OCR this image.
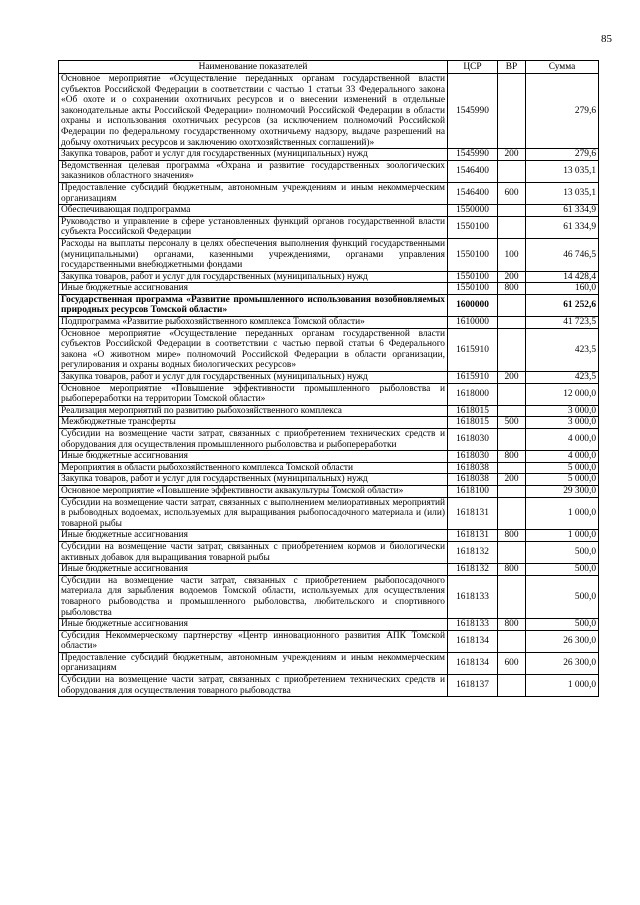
85
Наименование показателей	ЦСР	ВР	Сумма
Основное мероприятие «Осуществление переданных органам государственной власти субъектов Российской Федерации в соответствии с частью 1 статьи 33 Федерального закона «Об охоте и о сохранении охотничьих ресурсов и о внесении изменений в отдельные законодательные акты Российской Федерации» полномочий Российской Федерации в области охраны и использования охотничьих ресурсов (за исключением полномочий Российской Федерации по федеральному государственному охотничьему надзору, выдаче разрешений на добычу охотничьих ресурсов и заключению охотхозяйственных соглашений)»	1545990		279,6
Закупка товаров, работ и услуг для государственных (муниципальных) нужд	1545990	200	279,6
Ведомственная целевая программа «Охрана и развитие государственных зоологических заказников областного значения»	1546400		13 035,1
Предоставление субсидий бюджетным, автономным учреждениям и иным некоммерческим организациям	1546400	600	13 035,1
Обеспечивающая подпрограмма	1550000		61 334,9
Руководство и управление в сфере установленных функций органов государственной власти субъекта Российской Федерации	1550100		61 334,9
Расходы на выплаты персоналу в целях обеспечения выполнения функций государственными (муниципальными) органами, казенными учреждениями, органами управления государственными внебюджетными фондами	1550100	100	46 746,5
Закупка товаров, работ и услуг для государственных (муниципальных) нужд	1550100	200	14 428,4
Иные бюджетные ассигнования	1550100	800	160,0
Государственная программа «Развитие промышленного использования возобновляемых природных ресурсов Томской области»	1600000		61 252,6
Подпрограмма «Развитие рыбохозяйственного комплекса Томской области»	1610000		41 723,5
Основное мероприятие «Осуществление переданных органам государственной власти субъектов Российской Федерации в соответствии с частью первой статьи 6 Федерального закона «О животном мире» полномочий Российской Федерации в области организации, регулирования и охраны водных биологических ресурсов»	1615910		423,5
Закупка товаров, работ и услуг для государственных (муниципальных) нужд	1615910	200	423,5
Основное мероприятие «Повышение эффективности промышленного рыболовства и рыбопереработки на территории Томской области»	1618000		12 000,0
Реализация мероприятий по развитию рыбохозяйственного комплекса	1618015		3 000,0
Межбюджетные трансферты	1618015	500	3 000,0
Субсидии на возмещение части затрат, связанных с приобретением технических средств и оборудования для осуществления промышленного рыболовства и рыбопереработки	1618030		4 000,0
Иные бюджетные ассигнования	1618030	800	4 000,0
Мероприятия в области рыбохозяйственного комплекса Томской области	1618038		5 000,0
Закупка товаров, работ и услуг для государственных (муниципальных) нужд	1618038	200	5 000,0
Основное мероприятие «Повышение эффективности аквакультуры Томской области»	1618100		29 300,0
Субсидии на возмещение части затрат, связанных с выполнением мелиоративных мероприятий в рыбоводных водоемах, используемых для выращивания рыбопосадочного материала и (или) товарной рыбы	1618131		1 000,0
Иные бюджетные ассигнования	1618131	800	1 000,0
Субсидии на возмещение части затрат, связанных с приобретением кормов и биологически активных добавок для выращивания товарной рыбы	1618132		500,0
Иные бюджетные ассигнования	1618132	800	500,0
Субсидии на возмещение части затрат, связанных с приобретением рыбопосадочного материала для зарыбления водоемов Томской области, используемых для осуществления товарного рыбоводства и промышленного рыболовства, любительского и спортивного рыболовства	1618133		500,0
Иные бюджетные ассигнования	1618133	800	500,0
Субсидия Некоммерческому партнерству «Центр инновационного развития АПК Томской области»	1618134		26 300,0
Предоставление субсидий бюджетным, автономным учреждениям и иным некоммерческим организациям	1618134	600	26 300,0
Субсидии на возмещение части затрат, связанных с приобретением технических средств и оборудования для осуществления товарного рыбоводства	1618137		1 000,0
